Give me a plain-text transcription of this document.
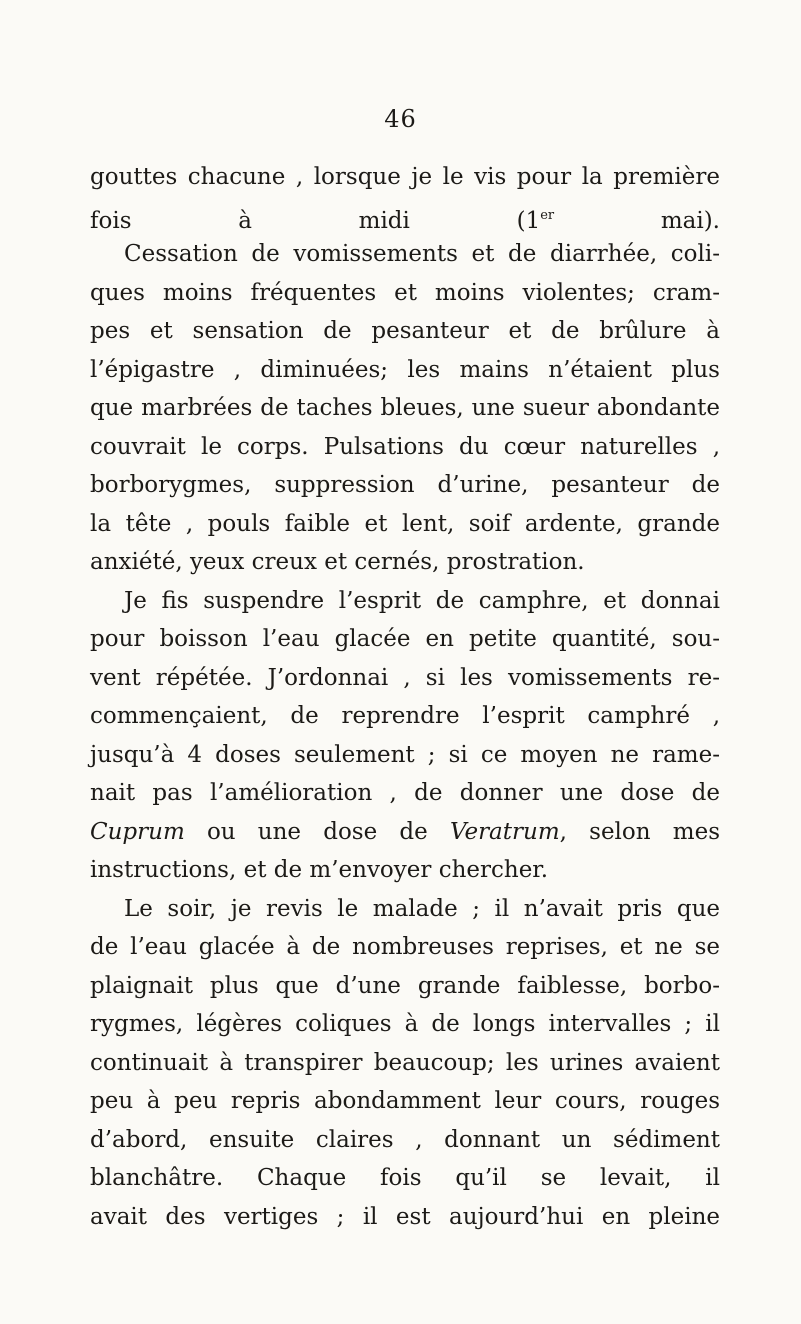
46
gouttes chacune , lorsque je le vis pour la première
fois à midi (1er mai).
Cessation de vomissements et de diarrhée, coli-
ques moins fréquentes et moins violentes; cram-
pes et sensation de pesanteur et de brûlure à
l’épigastre , diminuées; les mains n’étaient plus
que marbrées de taches bleues, une sueur abondante
couvrait le corps. Pulsations du cœur naturelles ,
borborygmes, suppression d’urine, pesanteur de
la tête , pouls faible et lent, soif ardente, grande
anxiété, yeux creux et cernés, prostration.
Je fis suspendre l’esprit de camphre, et donnai
pour boisson l’eau glacée en petite quantité, sou-
vent répétée. J’ordonnai , si les vomissements re-
commençaient, de reprendre l’esprit camphré ,
jusqu’à 4 doses seulement ; si ce moyen ne rame-
nait pas l’amélioration , de donner une dose de
Cuprum ou une dose de Veratrum, selon mes
instructions, et de m’envoyer chercher.
Le soir, je revis le malade ; il n’avait pris que
de l’eau glacée à de nombreuses reprises, et ne se
plaignait plus que d’une grande faiblesse, borbo-
rygmes, légères coliques à de longs intervalles ; il
continuait à transpirer beaucoup; les urines avaient
peu à peu repris abondamment leur cours, rouges
d’abord, ensuite claires , donnant un sédiment
blanchâtre. Chaque fois qu’il se levait, il
avait des vertiges ; il est aujourd’hui en pleine
